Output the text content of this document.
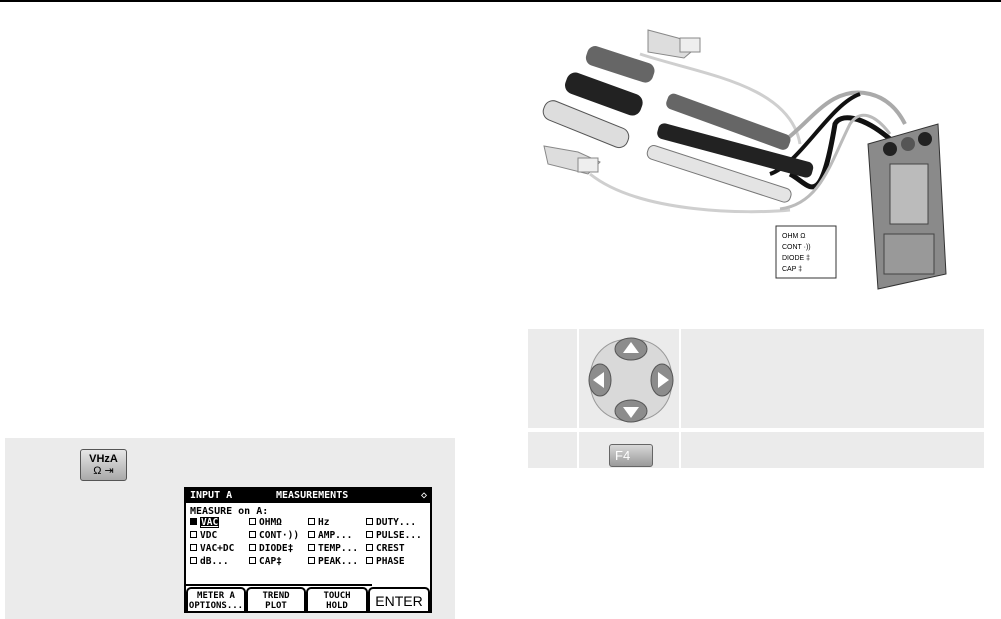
OHM Ω
CONT ·))
DIODE ‡
CAP ‡
VHzA
Ω ⇥
INPUT A	MEASUREMENTS	◇
MEASURE on A:
VAC	OHMΩ	Hz	DUTY...
VDC	CONT·))	AMP...	PULSE...
VAC+DC	DIODE‡	TEMP...	CREST
dB...	CAP‡	PEAK...	PHASE
METER A
OPTIONS...
TREND
PLOT
TOUCH
HOLD	ENTER
F4
